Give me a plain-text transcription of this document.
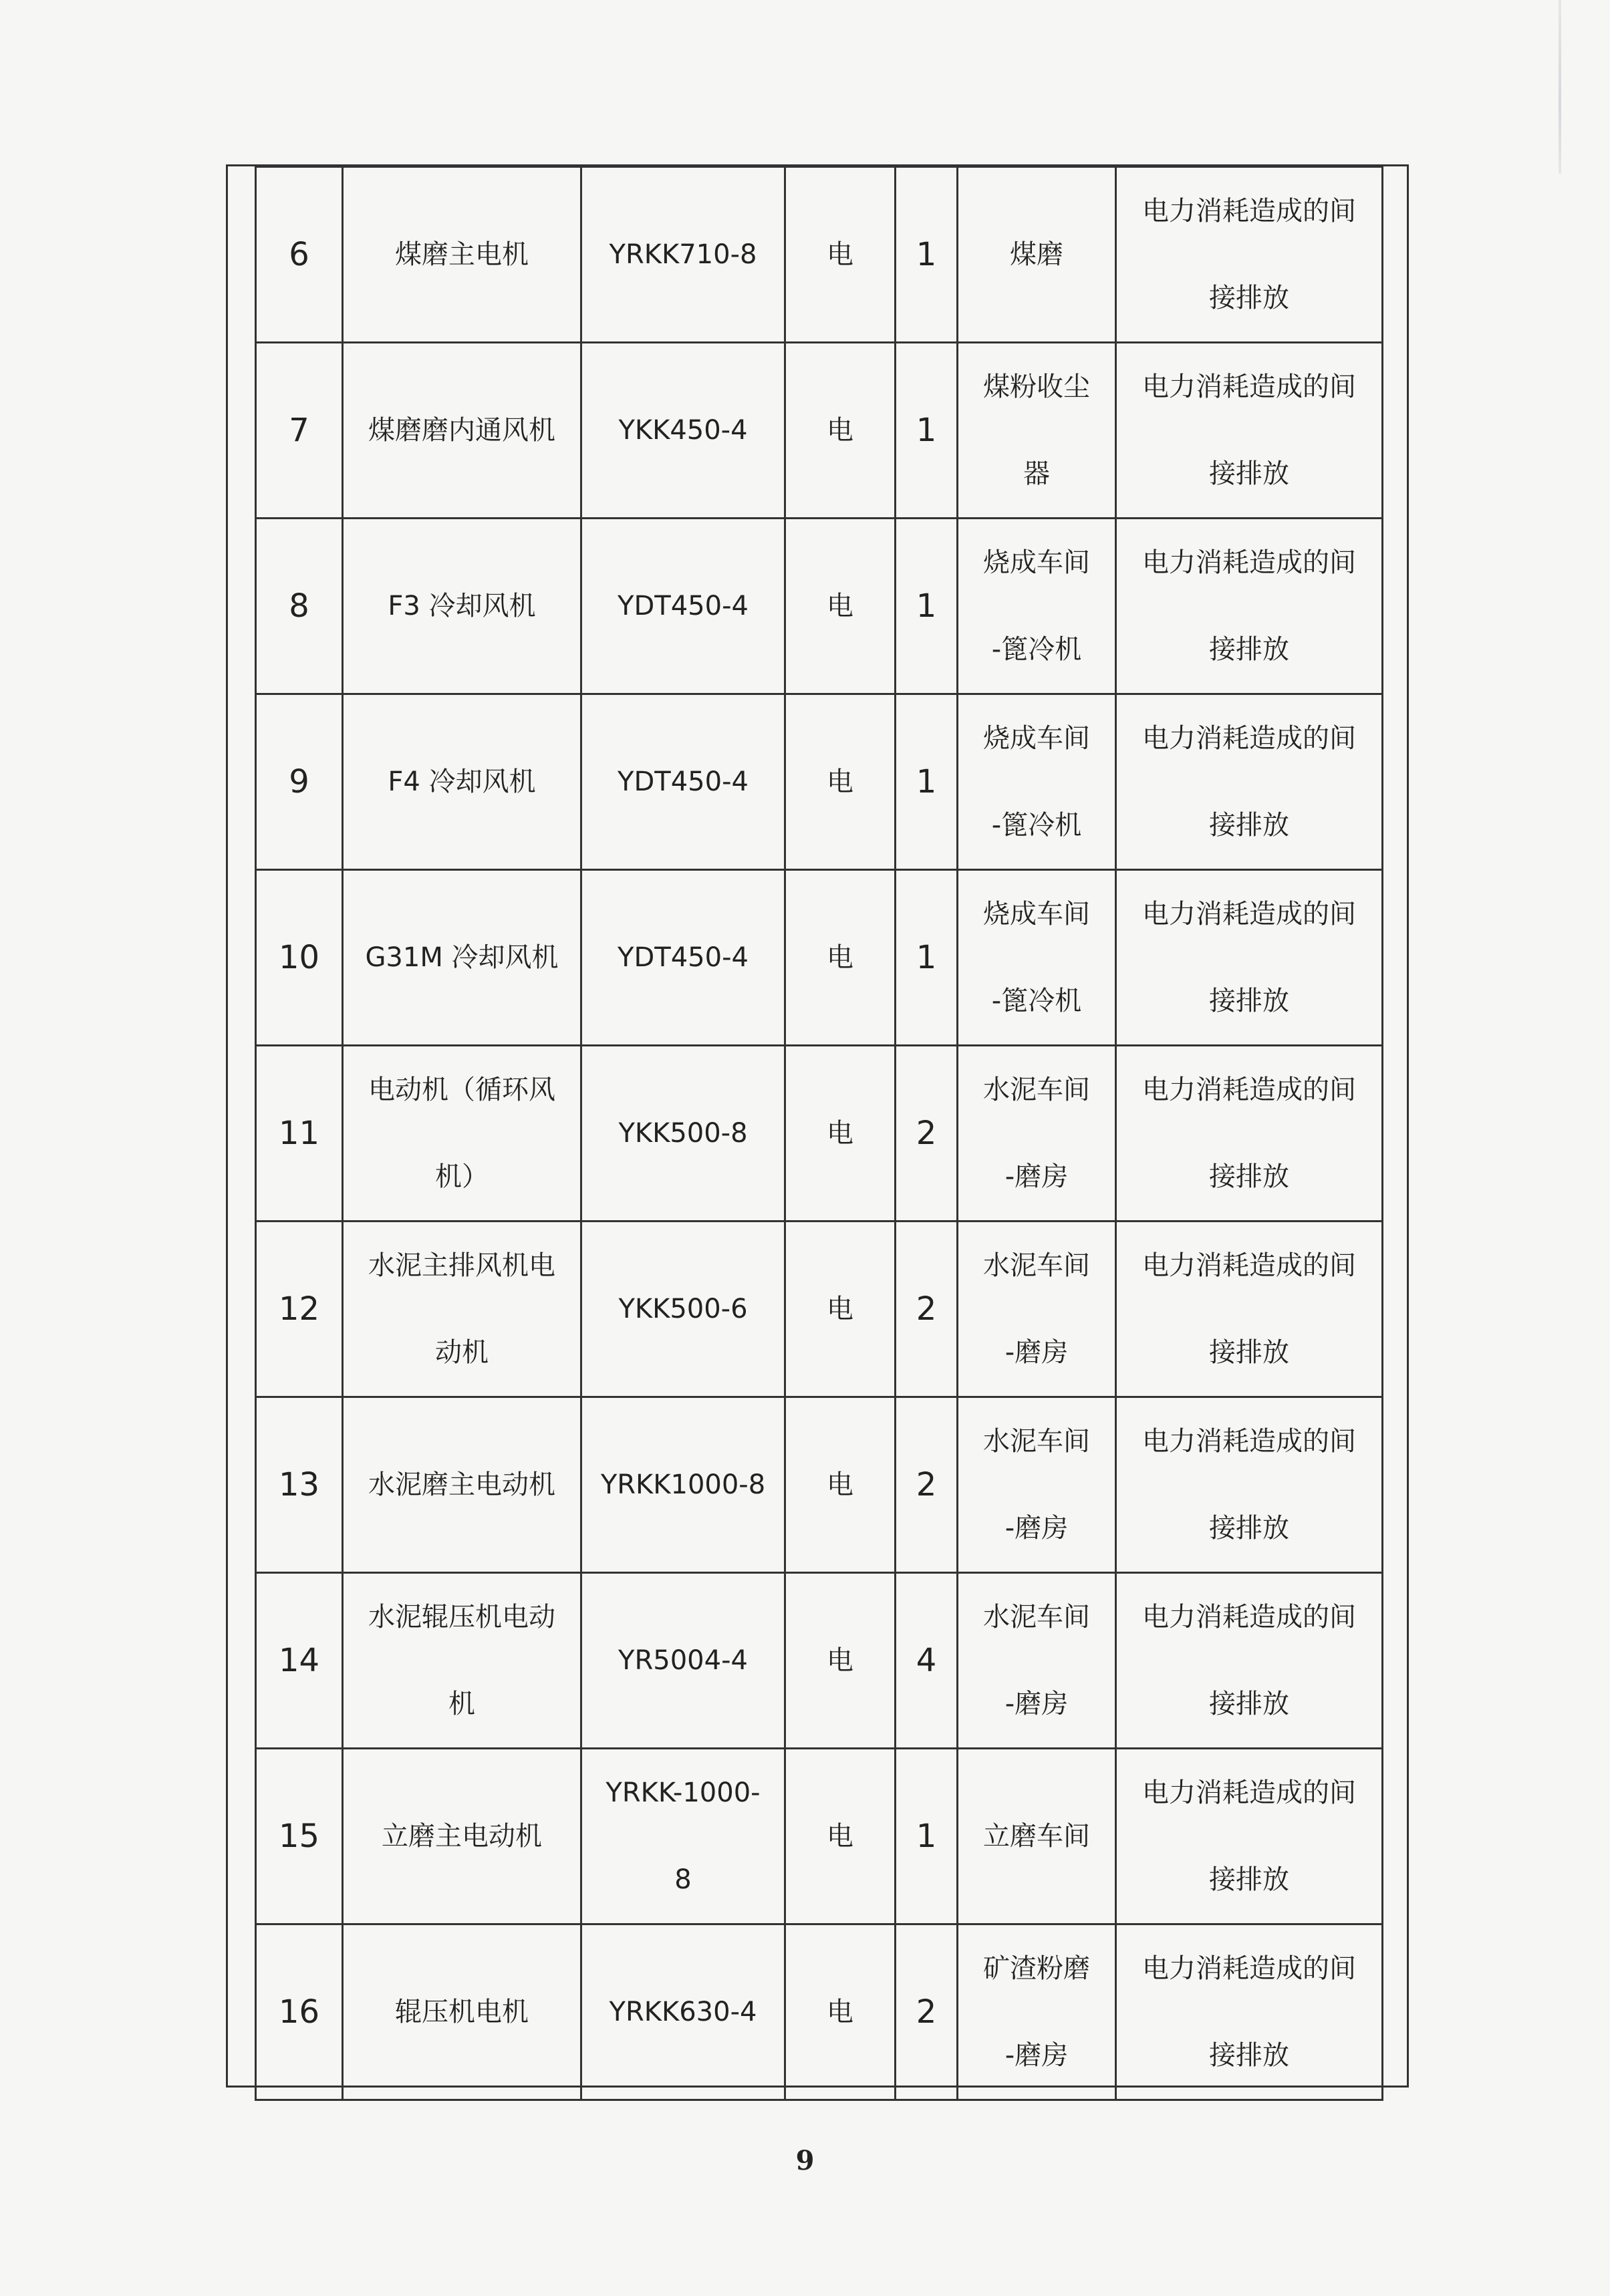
6	煤磨主电机	YRKK710-8	电	1	煤磨	电力消耗造成的间
接排放

7	煤磨磨内通风机	YKK450-4	电	1	煤粉收尘
器	电力消耗造成的间
接排放

8	F3 冷却风机	YDT450-4	电	1	烧成车间
-篦冷机	电力消耗造成的间
接排放

9	F4 冷却风机	YDT450-4	电	1	烧成车间
-篦冷机	电力消耗造成的间
接排放

10	G31M 冷却风机	YDT450-4	电	1	烧成车间
-篦冷机	电力消耗造成的间
接排放

11	电动机（循环风
机）	YKK500-8	电	2	水泥车间
-磨房	电力消耗造成的间
接排放

12	水泥主排风机电
动机	YKK500-6	电	2	水泥车间
-磨房	电力消耗造成的间
接排放

13	水泥磨主电动机	YRKK1000-8	电	2	水泥车间
-磨房	电力消耗造成的间
接排放

14	水泥辊压机电动
机	YR5004-4	电	4	水泥车间
-磨房	电力消耗造成的间
接排放

15	立磨主电动机	YRKK-1000-
8	电	1	立磨车间	电力消耗造成的间
接排放

16	辊压机电机	YRKK630-4	电	2	矿渣粉磨
-磨房	电力消耗造成的间
接排放
9
